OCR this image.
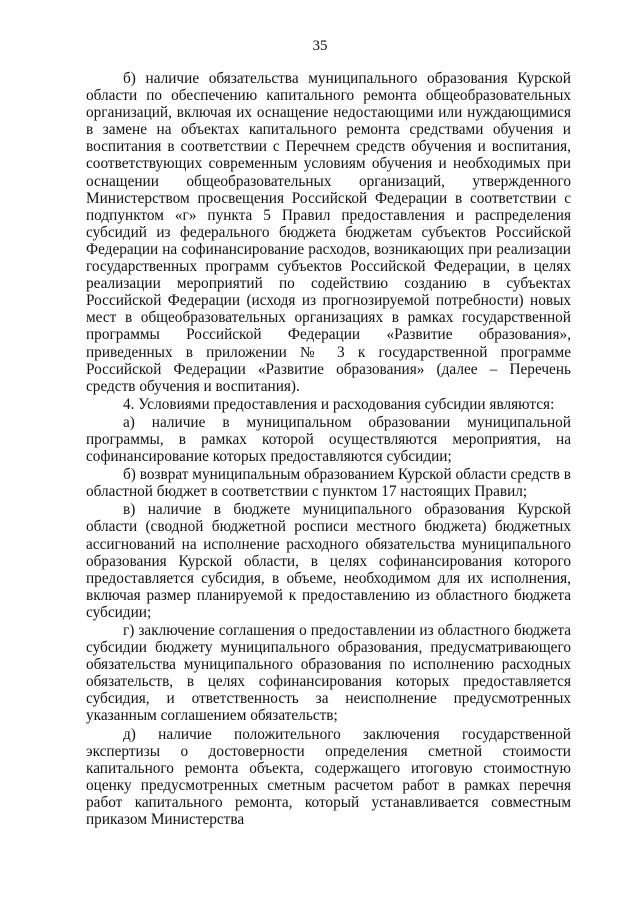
35

б) наличие обязательства муниципального образования Курской области по обеспечению капитального ремонта общеобразовательных организаций, включая их оснащение недостающими или нуждающимися в замене на объектах капитального ремонта средствами обучения и воспитания в соответствии с Перечнем средств обучения и воспитания, соответствующих современным условиям обучения и необходимых при оснащении общеобразовательных организаций, утвержденного Министерством просвещения Российской Федерации в соответствии с подпунктом «г» пункта 5 Правил предоставления и распределения субсидий из федерального бюджета бюджетам субъектов Российской Федерации на софинансирование расходов, возникающих при реализации государственных программ субъектов Российской Федерации, в целях реализации мероприятий по содействию созданию в субъектах Российской Федерации (исходя из прогнозируемой потребности) новых мест в общеобразовательных организациях в рамках государственной программы Российской Федерации «Развитие образования», приведенных в приложении № 3 к государственной программе Российской Федерации «Развитие образования» (далее – Перечень средств обучения и воспитания).

4. Условиями предоставления и расходования субсидии являются:

а) наличие в муниципальном образовании муниципальной программы, в рамках которой осуществляются мероприятия, на софинансирование которых предоставляются субсидии;

б) возврат муниципальным образованием Курской области средств в областной бюджет в соответствии с пунктом 17 настоящих Правил;

в) наличие в бюджете муниципального образования Курской области (сводной бюджетной росписи местного бюджета) бюджетных ассигнований на исполнение расходного обязательства муниципального образования Курской области, в целях софинансирования которого предоставляется субсидия, в объеме, необходимом для их исполнения, включая размер планируемой к предоставлению из областного бюджета субсидии;

г) заключение соглашения о предоставлении из областного бюджета субсидии бюджету муниципального образования, предусматривающего обязательства муниципального образования по исполнению расходных обязательств, в целях софинансирования которых предоставляется субсидия, и ответственность за неисполнение предусмотренных указанным соглашением обязательств;

д) наличие положительного заключения государственной экспертизы о достоверности определения сметной стоимости капитального ремонта объекта, содержащего итоговую стоимостную оценку предусмотренных сметным расчетом работ в рамках перечня работ капитального ремонта, который устанавливается совместным приказом Министерства
